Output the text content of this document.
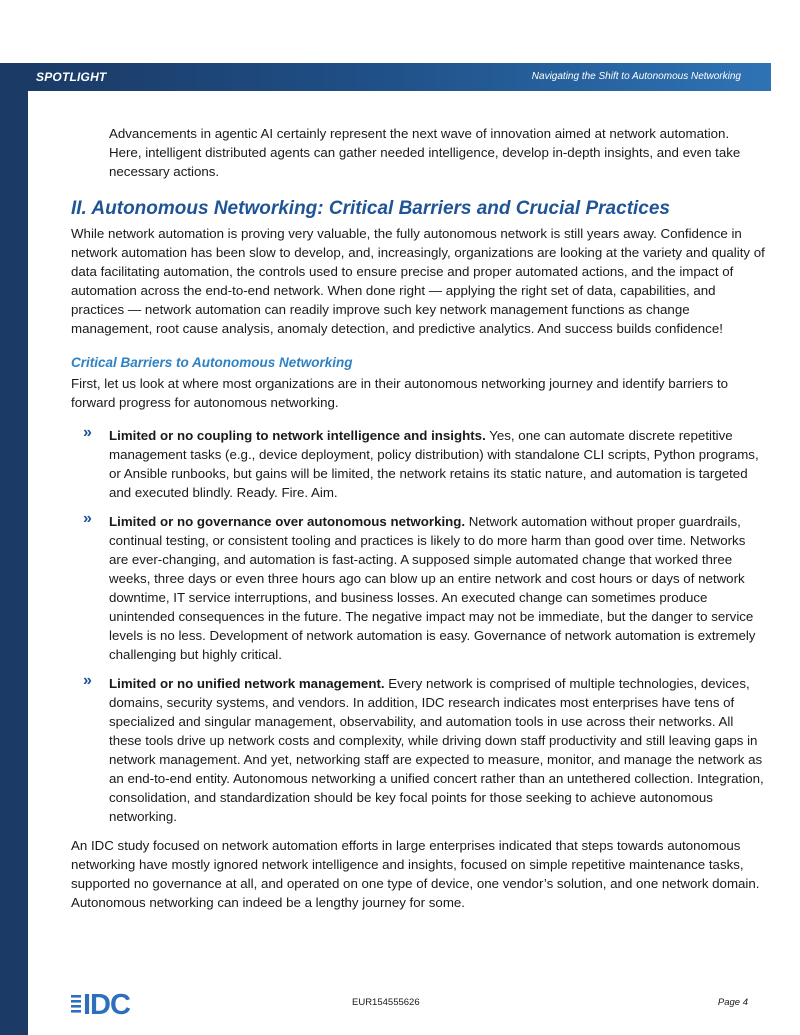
SPOTLIGHT	Navigating the Shift to Autonomous Networking

Advancements in agentic AI certainly represent the next wave of innovation aimed at network automation. Here, intelligent distributed agents can gather needed intelligence, develop in-depth insights, and even take necessary actions.

II. Autonomous Networking: Critical Barriers and Crucial Practices

While network automation is proving very valuable, the fully autonomous network is still years away. Confidence in network automation has been slow to develop, and, increasingly, organizations are looking at the variety and quality of data facilitating automation, the controls used to ensure precise and proper automated actions, and the impact of automation across the end-to-end network. When done right — applying the right set of data, capabilities, and practices — network automation can readily improve such key network management functions as change management, root cause analysis, anomaly detection, and predictive analytics. And success builds confidence!

Critical Barriers to Autonomous Networking

First, let us look at where most organizations are in their autonomous networking journey and identify barriers to forward progress for autonomous networking.

» Limited or no coupling to network intelligence and insights. Yes, one can automate discrete repetitive management tasks (e.g., device deployment, policy distribution) with standalone CLI scripts, Python programs, or Ansible runbooks, but gains will be limited, the network retains its static nature, and automation is targeted and executed blindly. Ready. Fire. Aim.

» Limited or no governance over autonomous networking. Network automation without proper guardrails, continual testing, or consistent tooling and practices is likely to do more harm than good over time. Networks are ever-changing, and automation is fast-acting. A supposed simple automated change that worked three weeks, three days or even three hours ago can blow up an entire network and cost hours or days of network downtime, IT service interruptions, and business losses. An executed change can sometimes produce unintended consequences in the future. The negative impact may not be immediate, but the danger to service levels is no less. Development of network automation is easy. Governance of network automation is extremely challenging but highly critical.

» Limited or no unified network management. Every network is comprised of multiple technologies, devices, domains, security systems, and vendors. In addition, IDC research indicates most enterprises have tens of specialized and singular management, observability, and automation tools in use across their networks. All these tools drive up network costs and complexity, while driving down staff productivity and still leaving gaps in network management. And yet, networking staff are expected to measure, monitor, and manage the network as an end-to-end entity. Autonomous networking a unified concert rather than an untethered collection. Integration, consolidation, and standardization should be key focal points for those seeking to achieve autonomous networking.

An IDC study focused on network automation efforts in large enterprises indicated that steps towards autonomous networking have mostly ignored network intelligence and insights, focused on simple repetitive maintenance tasks, supported no governance at all, and operated on one type of device, one vendor’s solution, and one network domain. Autonomous networking can indeed be a lengthy journey for some.

IDC	EUR154555626	Page 4
